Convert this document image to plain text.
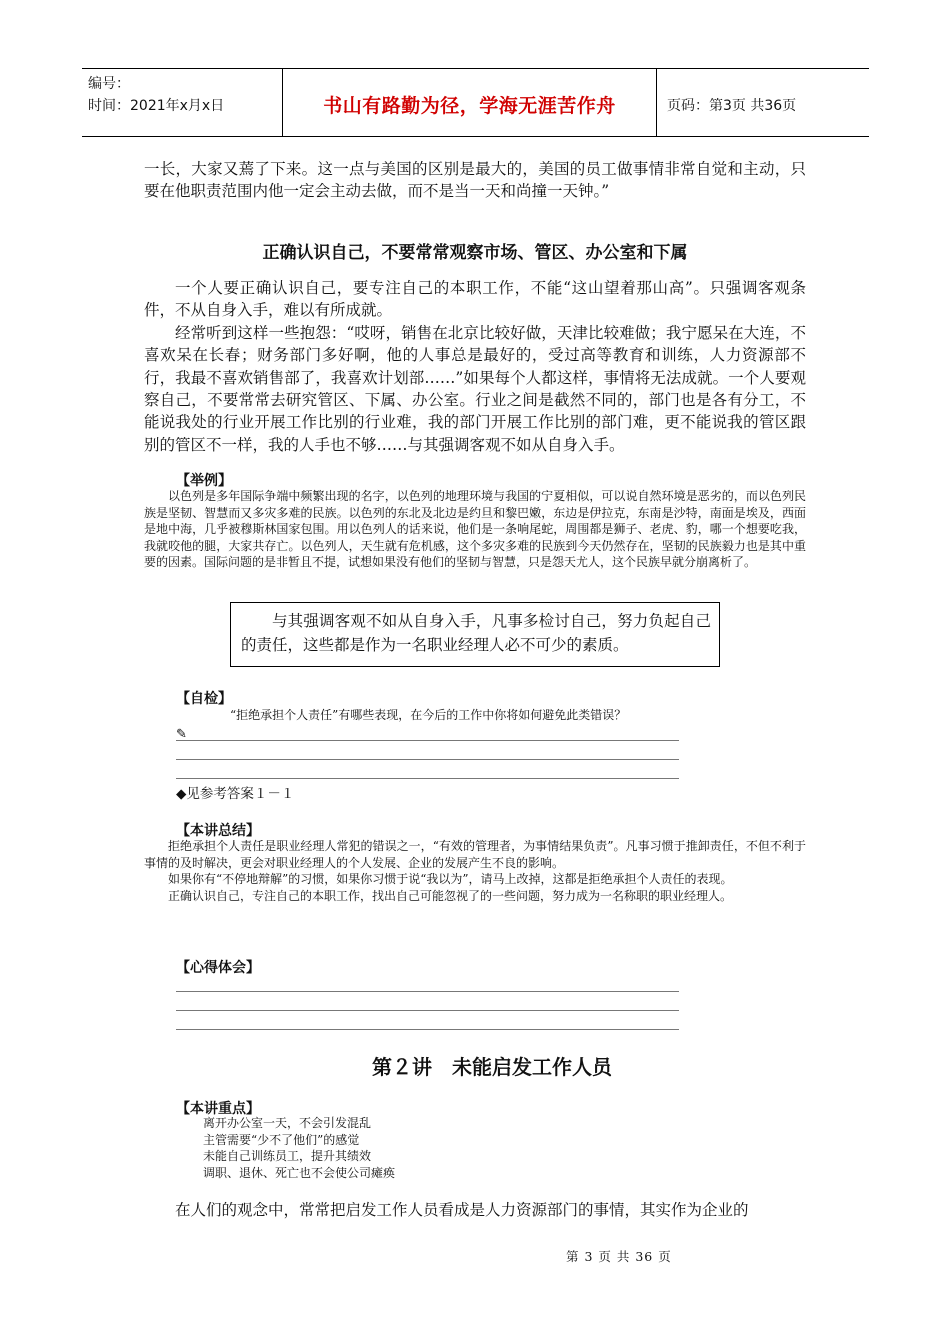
编号：
时间：2021年x月x日	书山有路勤为径，学海无涯苦作舟	页码：第3页 共36页

一长，大家又蔫了下来。这一点与美国的区别是最大的，美国的员工做事情非常自觉和主动，只要在他职责范围内他一定会主动去做，而不是当一天和尚撞一天钟。”

正确认识自己，不要常常观察市场、管区、办公室和下属

一个人要正确认识自己，要专注自己的本职工作，不能“这山望着那山高”。只强调客观条件，不从自身入手，难以有所成就。

经常听到这样一些抱怨：“哎呀，销售在北京比较好做，天津比较难做；我宁愿呆在大连，不喜欢呆在长春；财务部门多好啊，他的人事总是最好的，受过高等教育和训练，人力资源部不行，我最不喜欢销售部了，我喜欢计划部……”如果每个人都这样，事情将无法成就。一个人要观察自己，不要常常去研究管区、下属、办公室。行业之间是截然不同的，部门也是各有分工，不能说我处的行业开展工作比别的行业难，我的部门开展工作比别的部门难，更不能说我的管区跟别的管区不一样，我的人手也不够……与其强调客观不如从自身入手。

【举例】

以色列是多年国际争端中频繁出现的名字，以色列的地理环境与我国的宁夏相似，可以说自然环境是恶劣的，而以色列民族是坚韧、智慧而又多灾多难的民族。以色列的东北及北边是约旦和黎巴嫩，东边是伊拉克，东南是沙特，南面是埃及，西面是地中海，几乎被穆斯林国家包围。用以色列人的话来说，他们是一条响尾蛇，周围都是狮子、老虎、豹，哪一个想要吃我，我就咬他的腿，大家共存亡。以色列人，天生就有危机感，这个多灾多难的民族到今天仍然存在，坚韧的民族毅力也是其中重要的因素。国际问题的是非暂且不提，试想如果没有他们的坚韧与智慧，只是怨天尤人，这个民族早就分崩离析了。

与其强调客观不如从自身入手，凡事多检讨自己，努力负起自己的责任，这些都是作为一名职业经理人必不可少的素质。

【自检】
“拒绝承担个人责任”有哪些表现，在今后的工作中你将如何避免此类错误？
✎
◆见参考答案１－１
【本讲总结】

拒绝承担个人责任是职业经理人常犯的错误之一，“有效的管理者，为事情结果负责”。凡事习惯于推卸责任，不但不利于事情的及时解决，更会对职业经理人的个人发展、企业的发展产生不良的影响。

如果你有“不停地辩解”的习惯，如果你习惯于说“我以为”，请马上改掉，这都是拒绝承担个人责任的表现。

正确认识自己，专注自己的本职工作，找出自己可能忽视了的一些问题，努力成为一名称职的职业经理人。

【心得体会】
第２讲　未能启发工作人员
【本讲重点】
离开办公室一天，不会引发混乱
主管需要“少不了他们”的感觉
未能自己训练员工，提升其绩效
调职、退休、死亡也不会使公司瘫痪

在人们的观念中，常常把启发工作人员看成是人力资源部门的事情，其实作为企业的

第 3 页 共 36 页
